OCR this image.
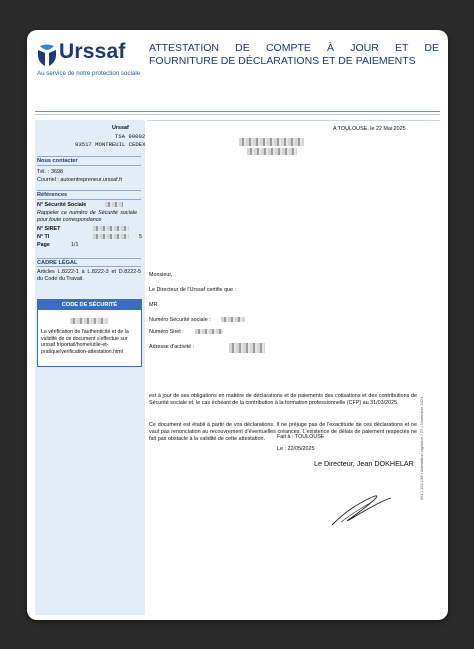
Urssaf
Au service de notre protection sociale
ATTESTATION DE COMPTE À JOUR ET DE
FOURNITURE DE DÉCLARATIONS ET DE PAIEMENTS
Urssaf
TSA 90002
93517 MONTREUIL CEDEX
Nous contacter
Tél. : 3698
Courriel : autoentrepreneur.urssaf.fr
Références
N° Sécurité Sociale
Rappeler ce numéro de Sécurité sociale pour toute correspondance
N° SIRET
N° TI	5
Page	1/1
CADRE LÉGAL
Articles L.8222-1 à L.8222-3 et D.8222-5 du Code du Travail.
CODE DE SÉCURITÉ
La vérification de l'authenticité et de la validité de ce document s'effectue sur urssaf.fr/portail/home/utile-et-pratique/verification-attestation.html
A TOULOUSE, le 22 Mai 2025
Monsieur,
Le Directeur de l'Urssaf certifie que :
MR
Numéro Sécurité sociale :
Numéro Siret :
Adresse d'activité :
est à jour de ses obligations en matière de déclarations et de paiements des cotisations et des contributions de Sécurité sociale et, le cas échéant de la contribution à la formation professionnelle (CFP) au 31/03/2025.
Ce document est établi à partir de vos déclarations. Il ne préjuge pas de l'exactitude de ces déclarations et ne vaut pas renonciation au recouvrement d'éventuelles créances. L'existence de délais de paiement respectés ne fait pas obstacle à la validité de cette attestation.	Fait à : TOULOUSE
Le : 22/05/2025
Le Directeur, Jean DOKHELAR 561 / 103 138 • Attestation vigilance / 27 • Novembre 2024
